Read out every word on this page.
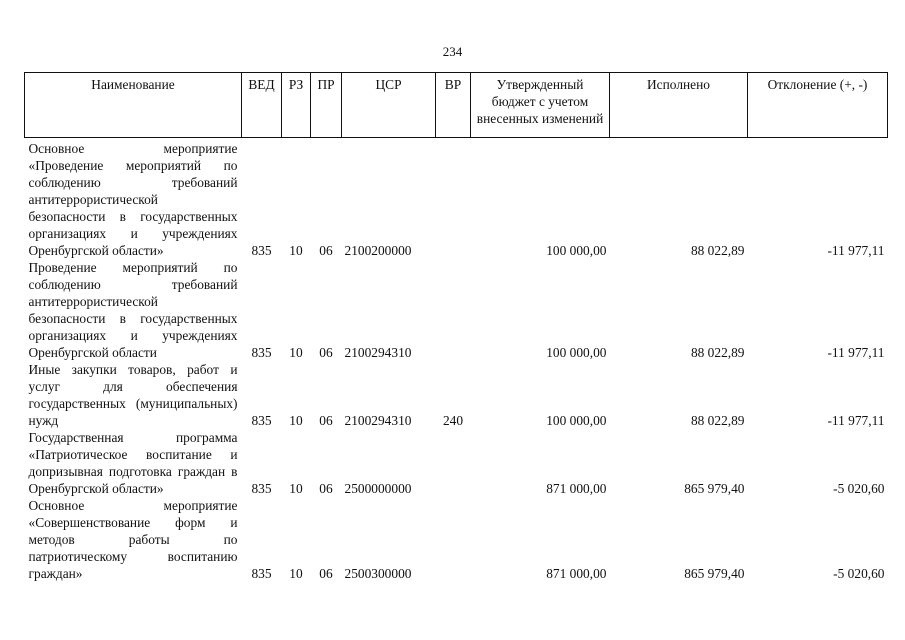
234
Наименование	ВЕД	РЗ	ПР	ЦСР	ВР	Утвержденный бюджет с учетом внесенных изменений	Исполнено	Отклонение (+, -)
Основное мероприятие «Проведение мероприятий по соблюдению требований антитеррористической безопасности в государственных организациях и учреждениях Оренбургской области»	835	10	06	2100200000		100 000,00	88 022,89	-11 977,11
Проведение мероприятий по соблюдению требований антитеррористической безопасности в государственных организациях и учреждениях Оренбургской области	835	10	06	2100294310		100 000,00	88 022,89	-11 977,11
Иные закупки товаров, работ и услуг для обеспечения государственных (муниципальных) нужд	835	10	06	2100294310	240	100 000,00	88 022,89	-11 977,11
Государственная программа «Патриотическое воспитание и допризывная подготовка граждан в Оренбургской области»	835	10	06	2500000000		871 000,00	865 979,40	-5 020,60
Основное мероприятие «Совершенствование форм и методов работы по патриотическому воспитанию граждан»	835	10	06	2500300000		871 000,00	865 979,40	-5 020,60
